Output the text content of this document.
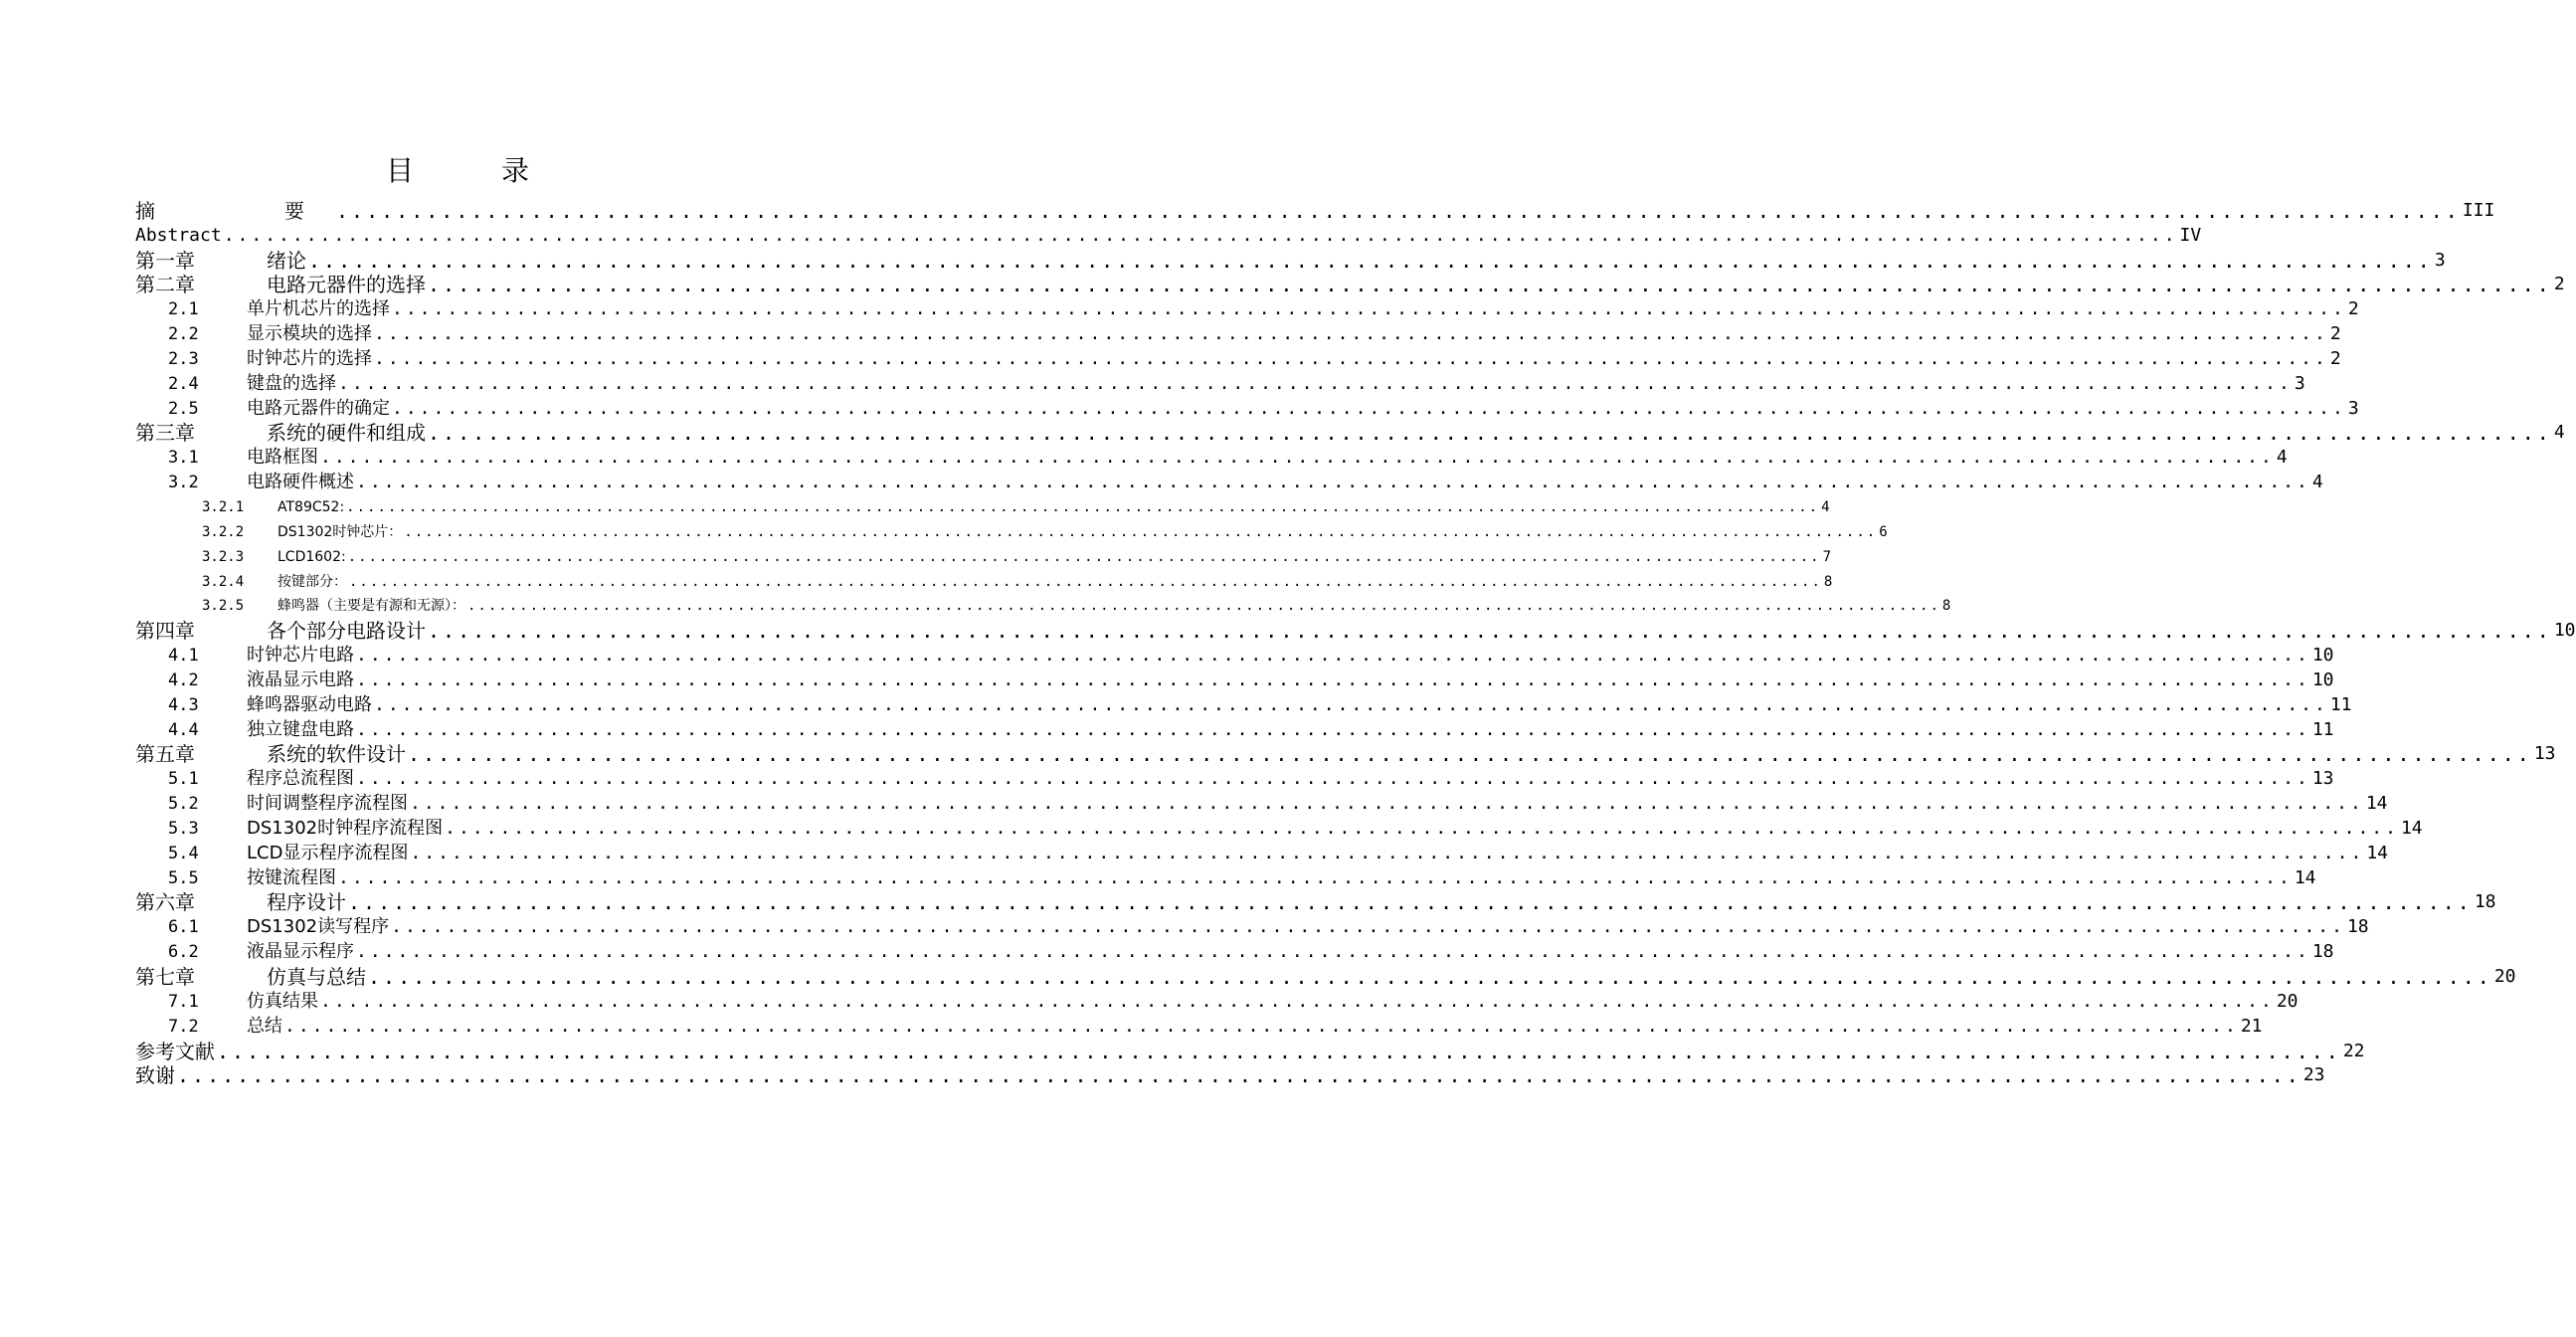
目　录
摘　　要 .............................................................................................................................................. III
Abstract .............................................................................................................................................. IV
第一章	绪论 .............................................................................................................................................. 3
第二章	电路元器件的选择 .............................................................................................................................................. 2
2.1	单片机芯片的选择 .............................................................................................................................................. 2
2.2	显示模块的选择 .............................................................................................................................................. 2
2.3	时钟芯片的选择 .............................................................................................................................................. 2
2.4	键盘的选择 .............................................................................................................................................. 3
2.5	电路元器件的确定 .............................................................................................................................................. 3
第三章	系统的硬件和组成 .............................................................................................................................................. 4
3.1	电路框图 .............................................................................................................................................. 4
3.2	电路硬件概述 .............................................................................................................................................. 4
3.2.1	AT89C52: .............................................................................................................................................. 4
3.2.2	DS1302时钟芯片： .............................................................................................................................................. 6
3.2.3	LCD1602: .............................................................................................................................................. 7
3.2.4	按键部分： .............................................................................................................................................. 8
3.2.5	蜂鸣器（主要是有源和无源）： .............................................................................................................................................. 8
第四章	各个部分电路设计 .............................................................................................................................................. 10
4.1	时钟芯片电路 .............................................................................................................................................. 10
4.2	液晶显示电路 .............................................................................................................................................. 10
4.3	蜂鸣器驱动电路 .............................................................................................................................................. 11
4.4	独立键盘电路 .............................................................................................................................................. 11
第五章	系统的软件设计 .............................................................................................................................................. 13
5.1	程序总流程图 .............................................................................................................................................. 13
5.2	时间调整程序流程图 .............................................................................................................................................. 14
5.3	DS1302时钟程序流程图 .............................................................................................................................................. 14
5.4	LCD显示程序流程图 .............................................................................................................................................. 14
5.5	按键流程图 .............................................................................................................................................. 14
第六章	程序设计 .............................................................................................................................................. 18
6.1	DS1302读写程序 .............................................................................................................................................. 18
6.2	液晶显示程序 .............................................................................................................................................. 18
第七章	仿真与总结 .............................................................................................................................................. 20
7.1	仿真结果 .............................................................................................................................................. 20
7.2	总结 .............................................................................................................................................. 21
参考文献 .............................................................................................................................................. 22
致谢 .............................................................................................................................................. 23
